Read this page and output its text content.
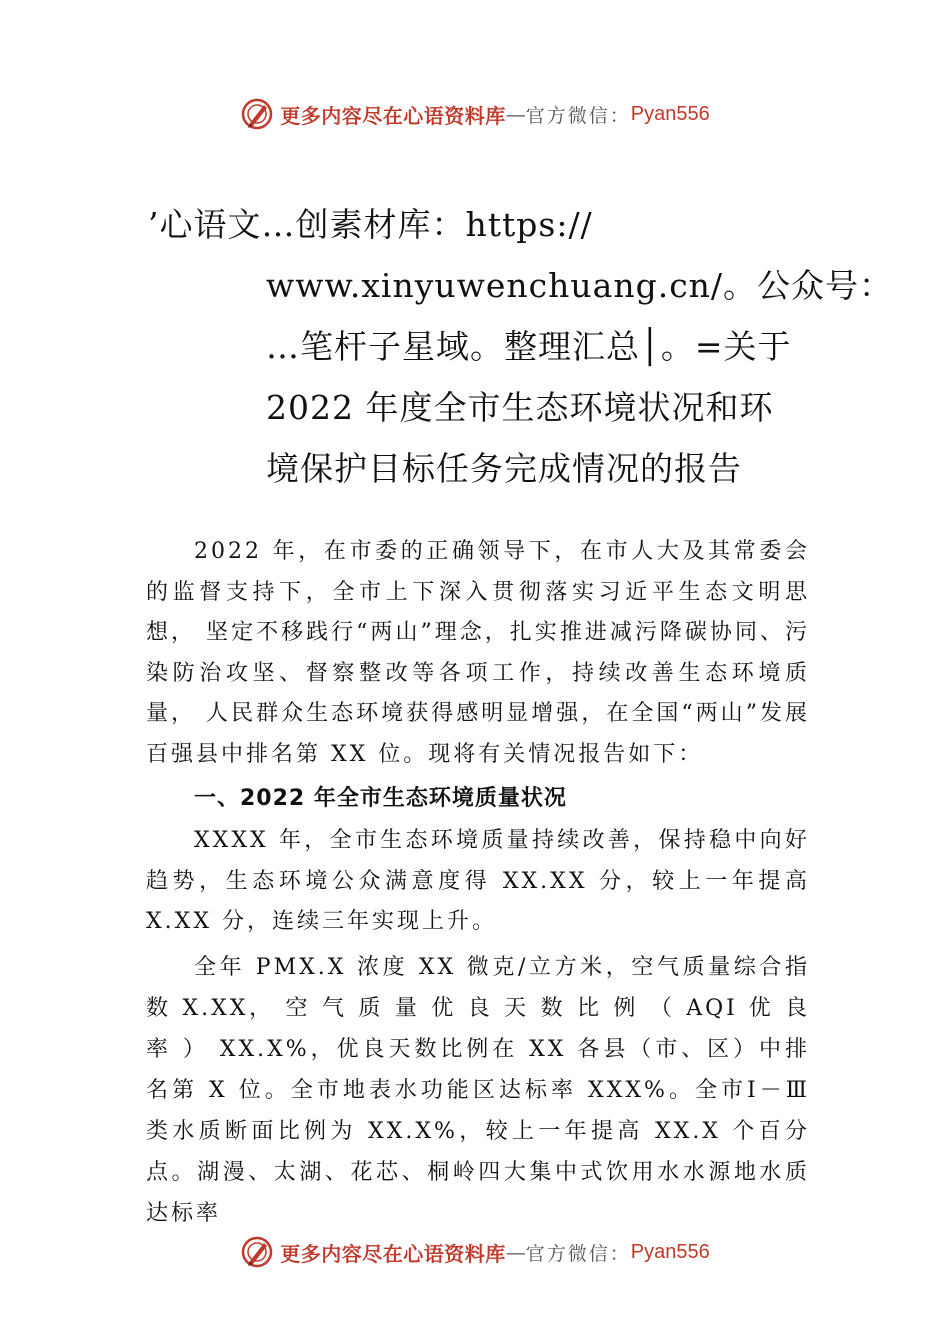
更多内容尽在心语资料库 — 官方微信： Pyan556
’心语文…创素材库：https://
www.xinyuwenchuang.cn/。公众号：
…笔杆子星域。整理汇总│。=关于
2022 年度全市生态环境状况和环
境保护目标任务完成情况的报告

2022 年，在市委的正确领导下，在市人大及其常委会的监督支持下，全市上下深入贯彻落实习近平生态文明思想， 坚定不移践行“两山”理念，扎实推进减污降碳协同、污染防治攻坚、督察整改等各项工作，持续改善生态环境质量， 人民群众生态环境获得感明显增强，在全国“两山”发展百强县中排名第 XX 位。现将有关情况报告如下：

一、2022 年全市生态环境质量状况

XXXX 年，全市生态环境质量持续改善，保持稳中向好趋势，生态环境公众满意度得 XX.XX 分，较上一年提高 X.XX 分，连续三年实现上升。

全年 PMX.X 浓度 XX 微克/立方米，空气质量综合指数 X.XX， 空 气 质 量 优 良 天 数 比 例 （ AQI 优 良 率 ） XX.X%，优良天数比例在 XX 各县（市、区）中排名第 X 位。全市地表水功能区达标率 XXX%。全市Ⅰ－Ⅲ类水质断面比例为 XX.X%，较上一年提高 XX.X 个百分点。湖漫、太湖、花芯、桐岭四大集中式饮用水水源地水质达标率

更多内容尽在心语资料库 — 官方微信： Pyan556
